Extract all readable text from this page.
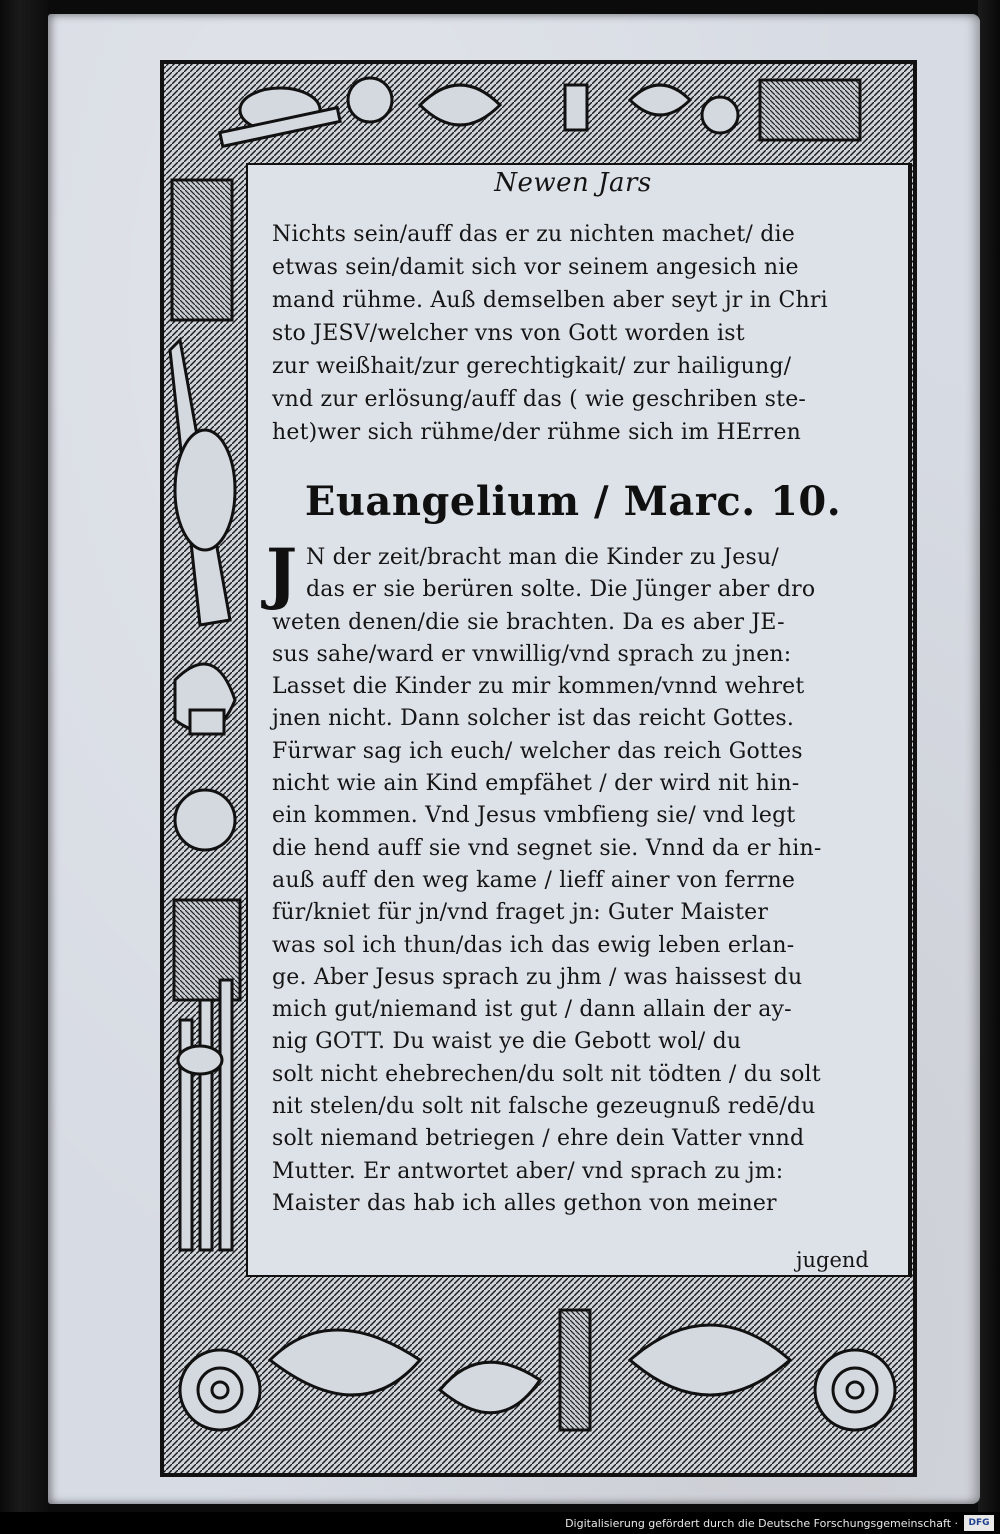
Newen Jars
Nichts sein/auff das er zu nichten machet/ die
etwas sein/damit sich vor seinem angesich nie
mand rühme. Auß demselben aber seyt jr in Chri
sto JESV/welcher vns von Gott worden ist
zur weißhait/zur gerechtigkait/ zur hailigung/
vnd zur erlösung/auff das ( wie geschriben ste-
het)wer sich rühme/der rühme sich im HErren
Euangelium / Marc. 10.
J N der zeit/bracht man die Kinder zu Jesu/
das er sie berüren solte. Die Jünger aber dro
weten denen/die sie brachten. Da es aber JE-
sus sahe/ward er vnwillig/vnd sprach zu jnen:
Lasset die Kinder zu mir kommen/vnnd wehret
jnen nicht. Dann solcher ist das reicht Gottes.
Fürwar sag ich euch/ welcher das reich Gottes
nicht wie ain Kind empfähet / der wird nit hin-
ein kommen. Vnd Jesus vmbfieng sie/ vnd legt
die hend auff sie vnd segnet sie. Vnnd da er hin-
auß auff den weg kame / lieff ainer von ferrne
für/kniet für jn/vnd fraget jn: Guter Maister
was sol ich thun/das ich das ewig leben erlan-
ge. Aber Jesus sprach zu jhm / was haissest du
mich gut/niemand ist gut / dann allain der ay-
nig GOTT. Du waist ye die Gebott wol/ du
solt nicht ehebrechen/du solt nit tödten / du solt
nit stelen/du solt nit falsche gezeugnuß redē/du
solt niemand betriegen / ehre dein Vatter vnnd
Mutter. Er antwortet aber/ vnd sprach zu jm:
Maister das hab ich alles gethon von meiner
jugend
Digitalisierung gefördert durch die Deutsche Forschungsgemeinschaft ·	DFG
